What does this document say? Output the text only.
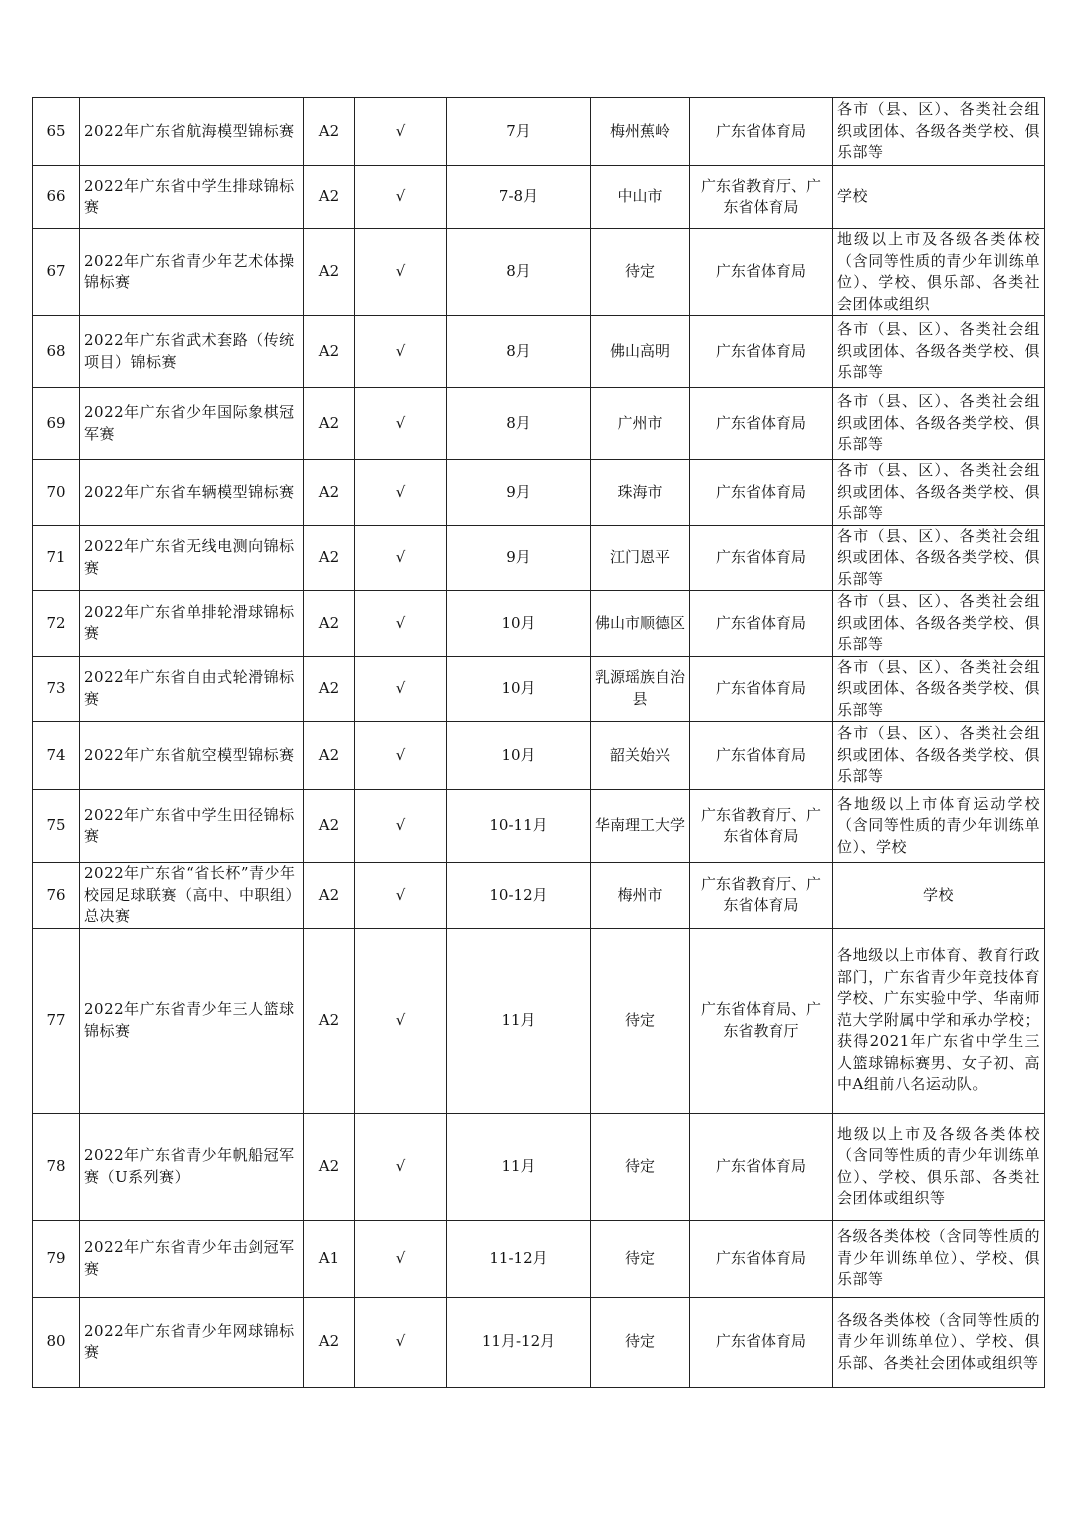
65	2022年广东省航海模型锦标赛	A2	√	7月	梅州蕉岭	广东省体育局	各市（县、区）、各类社会组织或团体、各级各类学校、俱乐部等
66	2022年广东省中学生排球锦标赛	A2	√	7-8月	中山市	广东省教育厅、广东省体育局	学校
67	2022年广东省青少年艺术体操锦标赛	A2	√	8月	待定	广东省体育局	地级以上市及各级各类体校（含同等性质的青少年训练单位）、学校、俱乐部、各类社会团体或组织
68	2022年广东省武术套路（传统项目）锦标赛	A2	√	8月	佛山高明	广东省体育局	各市（县、区）、各类社会组织或团体、各级各类学校、俱乐部等
69	2022年广东省少年国际象棋冠军赛	A2	√	8月	广州市	广东省体育局	各市（县、区）、各类社会组织或团体、各级各类学校、俱乐部等
70	2022年广东省车辆模型锦标赛	A2	√	9月	珠海市	广东省体育局	各市（县、区）、各类社会组织或团体、各级各类学校、俱乐部等
71	2022年广东省无线电测向锦标赛	A2	√	9月	江门恩平	广东省体育局	各市（县、区）、各类社会组织或团体、各级各类学校、俱乐部等
72	2022年广东省单排轮滑球锦标赛	A2	√	10月	佛山市顺德区	广东省体育局	各市（县、区）、各类社会组织或团体、各级各类学校、俱乐部等
73	2022年广东省自由式轮滑锦标赛	A2	√	10月	乳源瑶族自治县	广东省体育局	各市（县、区）、各类社会组织或团体、各级各类学校、俱乐部等
74	2022年广东省航空模型锦标赛	A2	√	10月	韶关始兴	广东省体育局	各市（县、区）、各类社会组织或团体、各级各类学校、俱乐部等
75	2022年广东省中学生田径锦标赛	A2	√	10-11月	华南理工大学	广东省教育厅、广东省体育局	各地级以上市体育运动学校（含同等性质的青少年训练单位）、学校
76	2022年广东省“省长杯”青少年校园足球联赛（高中、中职组）总决赛	A2	√	10-12月	梅州市	广东省教育厅、广东省体育局	学校
77	2022年广东省青少年三人篮球锦标赛	A2	√	11月	待定	广东省体育局、广东省教育厅	各地级以上市体育、教育行政部门，广东省青少年竞技体育学校、广东实验中学、华南师范大学附属中学和承办学校；获得2021年广东省中学生三人篮球锦标赛男、女子初、高中A组前八名运动队。
78	2022年广东省青少年帆船冠军赛（U系列赛）	A2	√	11月	待定	广东省体育局	地级以上市及各级各类体校（含同等性质的青少年训练单位）、学校、俱乐部、各类社会团体或组织等
79	2022年广东省青少年击剑冠军赛	A1	√	11-12月	待定	广东省体育局	各级各类体校（含同等性质的青少年训练单位）、学校、俱乐部等
80	2022年广东省青少年网球锦标赛	A2	√	11月-12月	待定	广东省体育局	各级各类体校（含同等性质的青少年训练单位）、学校、俱乐部、各类社会团体或组织等
